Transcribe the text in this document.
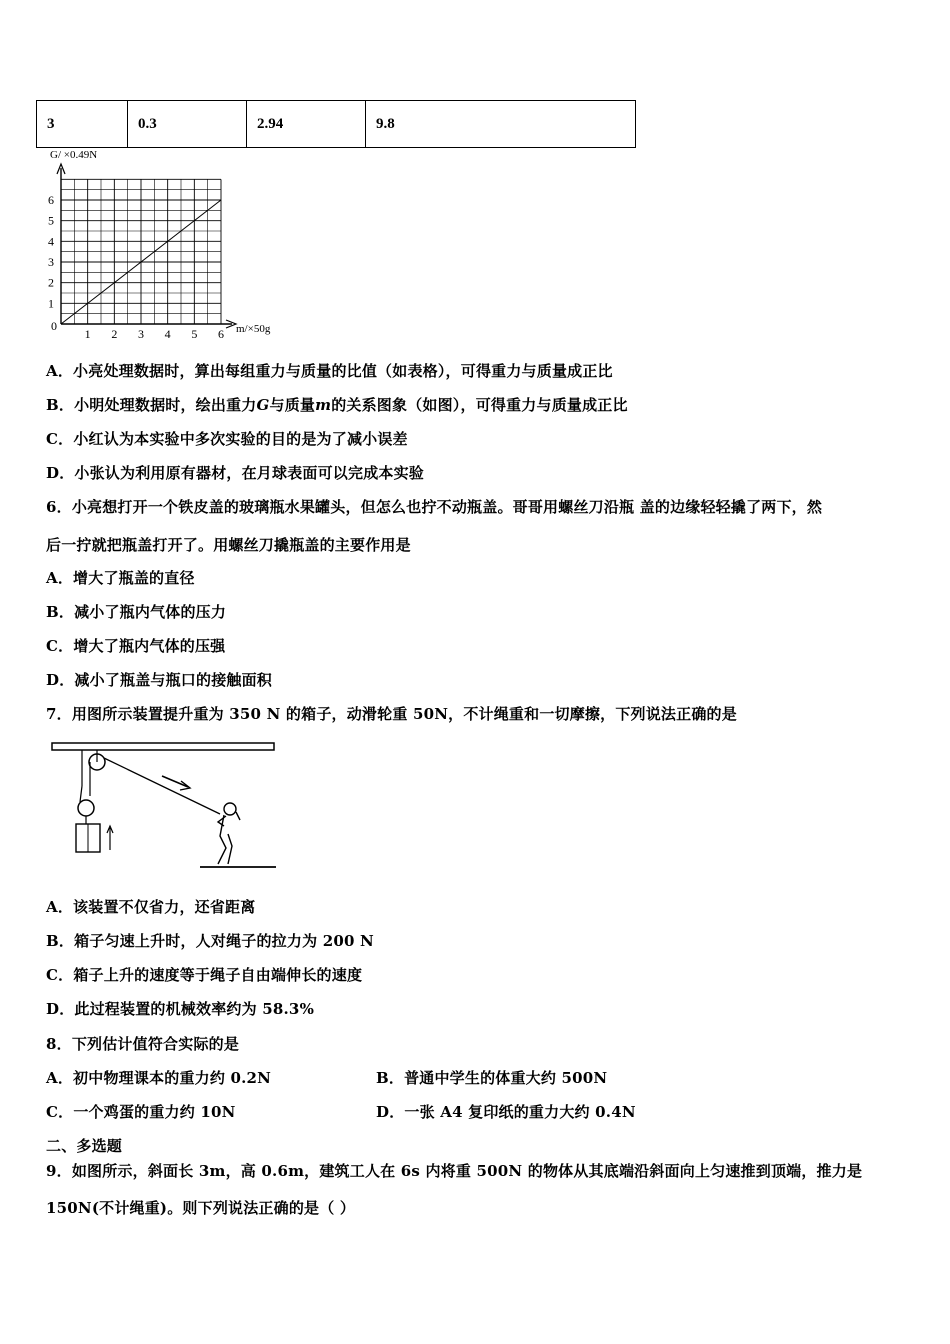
3	0.3	2.94	9.8
G/ ×0.49N
m/×50g
0
1
2
3
4
5
6
1 2 3 4 5 6
A．小亮处理数据时，算出每组重力与质量的比值（如表格），可得重力与质量成正比
B．小明处理数据时，绘出重力G与质量m的关系图象（如图），可得重力与质量成正比
C．小红认为本实验中多次实验的目的是为了减小误差
D．小张认为利用原有器材，在月球表面可以完成本实验
6．小亮想打开一个铁皮盖的玻璃瓶水果罐头，但怎么也拧不动瓶盖。哥哥用螺丝刀沿瓶 盖的边缘轻轻撬了两下，然
后一拧就把瓶盖打开了。用螺丝刀撬瓶盖的主要作用是
A．增大了瓶盖的直径
B．减小了瓶内气体的压力
C．增大了瓶内气体的压强
D．减小了瓶盖与瓶口的接触面积
7．用图所示装置提升重为 350 N 的箱子，动滑轮重 50N，不计绳重和一切摩擦，下列说法正确的是
A．该装置不仅省力，还省距离
B．箱子匀速上升时，人对绳子的拉力为 200 N
C．箱子上升的速度等于绳子自由端伸长的速度
D．此过程装置的机械效率约为 58.3%
8．下列估计值符合实际的是
A．初中物理课本的重力约 0.2N	B．普通中学生的体重大约 500N
C．一个鸡蛋的重力约 10N	D．一张 A4 复印纸的重力大约 0.4N
二、多选题
9．如图所示，斜面长 3m，高 0.6m，建筑工人在 6s 内将重 500N 的物体从其底端沿斜面向上匀速推到顶端，推力是
150N(不计绳重)。则下列说法正确的是（ ）
